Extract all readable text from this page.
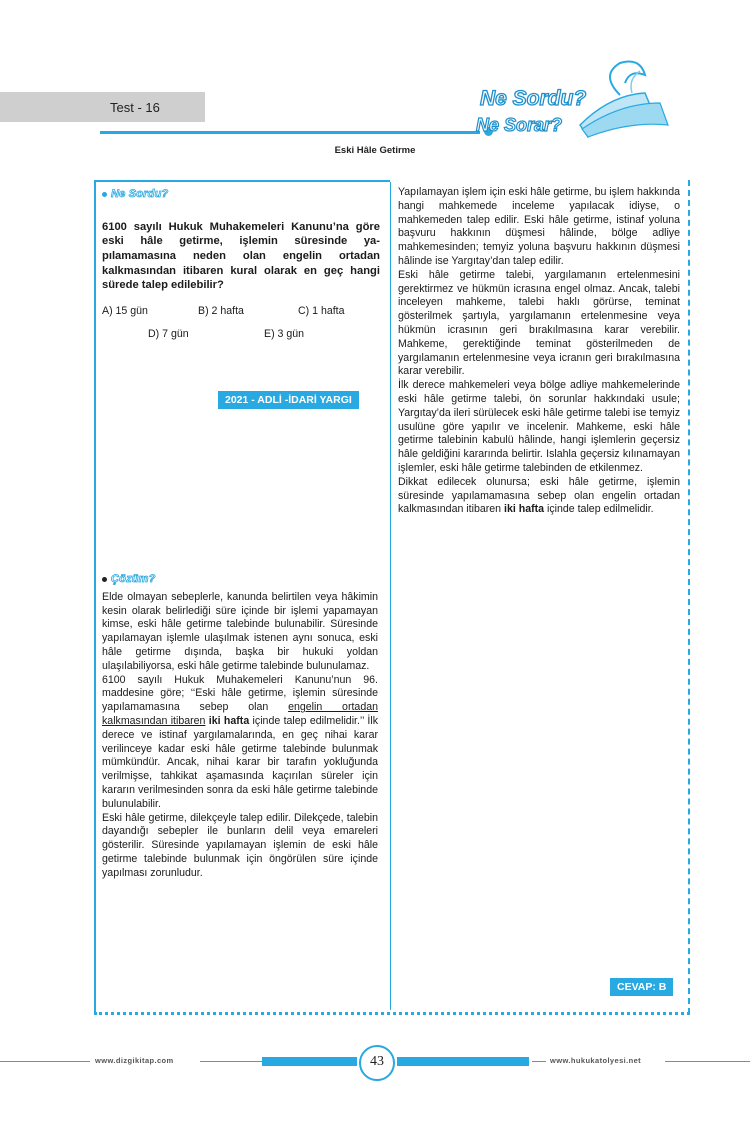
Test - 16	Ne Sordu?
Ne Sorar?
Eski Hâle Getirme
Ne Sordu?

6100 sayılı Hukuk Muhakemeleri Kanunu’na göre eski hâle getirme, işlemin süresinde ya-pılamamasına neden olan engelin ortadan kalkmasından itibaren kural olarak en geç hangi sürede talep edilebilir?

A) 15 gün	B) 2 hafta	C) 1 hafta
D) 7 gün	E) 3 gün
2021 - ADLİ -İDARİ YARGI
Çözüm?

Elde olmayan sebeplerle, kanunda belirtilen veya hâkimin kesin olarak belirlediği süre içinde bir işlemi yapamayan kimse, eski hâle getirme talebinde bulunabilir. Süresinde yapılamayan işlemle ulaşılmak istenen aynı sonuca, eski hâle getirme dışında, başka bir hukuki yoldan ulaşılabiliyorsa, eski hâle getirme talebinde bulunulamaz.

6100 sayılı Hukuk Muhakemeleri Kanunu’nun 96. maddesine göre; ‘‘Eski hâle getirme, işlemin süresinde yapılamamasına sebep olan engelin ortadan kalkmasından itibaren iki hafta içinde talep edilmelidir.’’ İlk derece ve istinaf yargılamalarında, en geç nihai karar verilinceye kadar eski hâle getirme talebinde bulunmak mümkündür. Ancak, nihai karar bir tarafın yokluğunda verilmişse, tahkikat aşamasında kaçırılan süreler için kararın verilmesinden sonra da eski hâle getirme talebinde bulunulabilir.

Eski hâle getirme, dilekçeyle talep edilir. Dilekçede, talebin dayandığı sebepler ile bunların delil veya emareleri gösterilir. Süresinde yapılamayan işlemin de eski hâle getirme talebinde bulunmak için öngörülen süre içinde yapılması zorunludur.

Yapılamayan işlem için eski hâle getirme, bu işlem hakkında hangi mahkemede inceleme yapılacak idiyse, o mahkemeden talep edilir. Eski hâle getirme, istinaf yoluna başvuru hakkının düşmesi hâlinde, bölge adliye mahkemesinden; temyiz yoluna başvuru hakkının düşmesi hâlinde ise Yargıtay’dan talep edilir.

Eski hâle getirme talebi, yargılamanın ertelenmesini gerektirmez ve hükmün icrasına engel olmaz. Ancak, talebi inceleyen mahkeme, talebi haklı görürse, teminat gösterilmek şartıyla, yargılamanın ertelenmesine veya hükmün icrasının geri bırakılmasına karar verebilir. Mahkeme, gerektiğinde teminat gösterilmeden de yargılamanın ertelenmesine veya icranın geri bırakılmasına karar verebilir.

İlk derece mahkemeleri veya bölge adliye mahkemelerinde eski hâle getirme talebi, ön sorunlar hakkındaki usule; Yargıtay’da ileri sürülecek eski hâle getirme talebi ise temyiz usulüne göre yapılır ve incelenir. Mahkeme, eski hâle getirme talebinin kabulü hâlinde, hangi işlemlerin geçersiz hâle geldiğini kararında belirtir. Islahla geçersiz kılınamayan işlemler, eski hâle getirme talebinden de etkilenmez.

Dikkat edilecek olunursa; eski hâle getirme, işlemin süresinde yapılamamasına sebep olan engelin ortadan kalkmasından itibaren iki hafta içinde talep edilmelidir.

CEVAP: B
www.dizgikitap.com	43	www.hukukatolyesi.net
